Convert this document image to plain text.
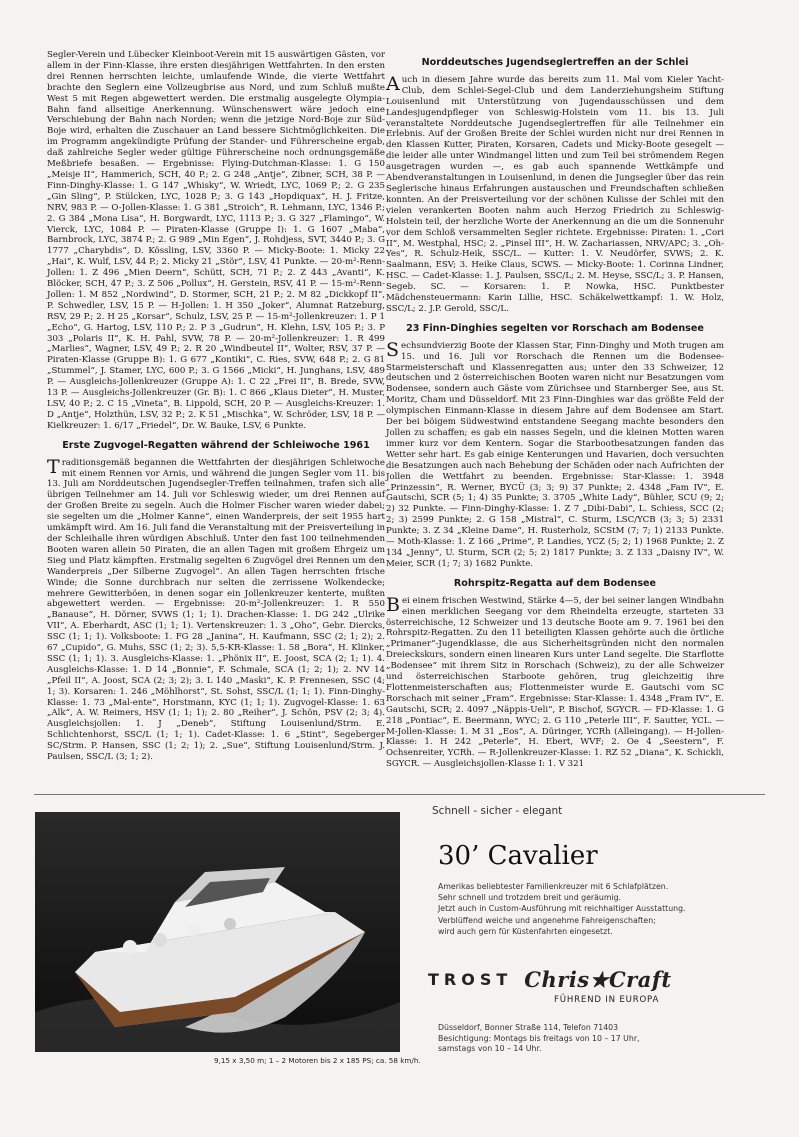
Segler-Verein und Lübecker Kleinboot-Verein mit 15 auswärtigen Gästen, vor allem in der Finn-Klasse, ihre ersten diesjährigen Wettfahrten. In den ersten drei Rennen herrschten leichte, umlaufende Winde, die vierte Wettfahrt brachte den Seglern eine Vollzeugbrise aus Nord, und zum Schluß mußte West 5 mit Regen abgewettert werden. Die erstmalig ausgelegte Olympia-Bahn fand allseitige Anerkennung. Wünschenswert wäre jedoch eine Verschiebung der Bahn nach Norden; wenn die jetzige Nord-Boje zur Süd-Boje wird, erhalten die Zuschauer an Land bessere Sichtmöglichkeiten. Die im Programm angekündigte Prüfung der Stander- und Führerscheine ergab, daß zahlreiche Segler weder gültige Führerscheine noch ordnungsgemäße Meßbriefe besaßen. — Ergebnisse: Flying-Dutchman-Klasse: 1. G 150 „Meisje II“, Hammerich, SCH, 40 P.; 2. G 248 „Antje“, Zibner, SCH, 38 P. — Finn-Dinghy-Klasse: 1. G 147 „Whisky“, W. Wriedt, LYC, 1069 P.; 2. G 235 „Gin Sling“, P. Stülcken, LYC, 1028 P.; 3. G 143 „Hopdiquax“, H. J. Fritze, NRV, 983 P. — O-Jollen-Klasse: 1. G 381 „Stroich“, R. Lehmann, LYC, 1346 P.; 2. G 384 „Mona Lisa“, H. Borgwardt, LYC, 1113 P.; 3. G 327 „Flamingo“, W. Vierck, LYC, 1084 P. — Piraten-Klasse (Gruppe I): 1. G 1607 „Maba“, Barnbrock, LYC, 3874 P.; 2. G 989 „Min Egen“, J. Rohdjess, SVT, 3440 P.; 3. G 1777 „Charybdis“, D. Kössling, LSV, 3360 P. — Micky-Boote: 1. Micky 22 „Hai“, K. Wulf, LSV, 44 P.; 2. Micky 21 „Stör“, LSV, 41 Punkte. — 20-m²-Renn-Jollen: 1. Z 496 „Mien Deern“, Schütt, SCH, 71 P.; 2. Z 443 „Avanti“, K. Blöcker, SCH, 47 P.; 3. Z 506 „Pollux“, H. Gerstein, RSV, 41 P. — 15-m²-Renn-Jollen: 1. M 852 „Nordwind“, D. Stormer, SCH, 21 P.; 2. M 82 „Dickkopf II“, P. Schwedler, LSV, 15 P. — H-Jollen: 1. H 350 „Joker“, Alumnat Ratzeburg, RSV, 29 P.; 2. H 25 „Korsar“, Schulz, LSV, 25 P. — 15-m²-Jollenkreuzer: 1. P 1 „Echo“, G. Hartog, LSV, 110 P.; 2. P 3 „Gudrun“, H. Klehn, LSV, 105 P.; 3. P 303 „Polaris II“, K. H. Pahl, SVW, 78 P. — 20-m²-Jollenkreuzer: 1. R 499 „Marlies“, Wagner, LSV, 49 P.; 2. R 20 „Windbeutel II“, Wolter, RSV, 37 P. — Piraten-Klasse (Gruppe B): 1. G 677 „Kontiki“, C. Ries, SVW, 648 P.; 2. G 81 „Stummel“, J. Stamer, LYC, 600 P.; 3. G 1566 „Micki“, H. Junghans, LSV, 489 P. — Ausgleichs-Jollenkreuzer (Gruppe A): 1. C 22 „Frei II“, B. Brede, SVW, 13 P. — Ausgleichs-Jollenkreuzer (Gr. B): 1. C 866 „Klaus Dieter“, H. Muster, LSV, 40 P.; 2. C 15 „Vineta“, B. Lippold, SCH, 20 P. — Ausgleichs-Kreuzer: 1. D „Antje“, Holzthün, LSV, 32 P.; 2. K 51 „Mischka“, W. Schröder, LSV, 18 P. — Kielkreuzer: 1. 6/17 „Friedel“, Dr. W. Bauke, LSV, 6 Punkte.

Erste Zugvogel-Regatten während der Schleiwoche 1961

Traditionsgemäß begannen die Wettfahrten der diesjährigen Schleiwoche mit einem Rennen vor Arnis, und während die jungen Segler vom 11. bis 13. Juli am Norddeutschen Jugendsegler-Treffen teilnahmen, trafen sich alle übrigen Teilnehmer am 14. Juli vor Schleswig wieder, um drei Rennen auf der Großen Breite zu segeln. Auch die Holmer Fischer waren wieder dabei; sie segelten um die „Holmer Kanne“, einen Wanderpreis, der seit 1955 hart umkämpft wird. Am 16. Juli fand die Veranstaltung mit der Preisverteilung in der Schleihalle ihren würdigen Abschluß. Unter den fast 100 teilnehmenden Booten waren allein 50 Piraten, die an allen Tagen mit großem Ehrgeiz um Sieg und Platz kämpften. Erstmalig segelten 6 Zugvögel drei Rennen um den Wanderpreis „Der Silberne Zugvogel“. An allen Tagen herrschten frische Winde; die Sonne durchbrach nur selten die zerrissene Wolkendecke; mehrere Gewitterböen, in denen sogar ein Jollenkreuzer kenterte, mußten abgewettert werden. — Ergebnisse: 20-m²-Jollenkreuzer: 1. R 550 „Banause“, H. Dörner, SVWS (1; 1; 1). Drachen-Klasse: 1. DG 242 „Ulrike VII“, A. Eberhardt, ASC (1; 1; 1). Vertenskreuzer: 1. 3 „Oho“, Gebr. Diercks, SSC (1; 1; 1). Volksboote: 1. FG 28 „Janina“, H. Kaufmann, SSC (2; 1; 2); 2. 67 „Cupido“, G. Muhs, SSC (1; 2; 3). 5,5-KR-Klasse: 1. 58 „Bora“, H. Klinker, SSC (1; 1; 1). 3. Ausgleichs-Klasse: 1. „Phönix II“, E. Joost, SCA (2; 1; 1). 4. Ausgleichs-Klasse: 1. D 14 „Bonnie“, F. Schmale, SCA (1; 2; 1); 2. NV 14 „Pfeil II“, A. Joost, SCA (2; 3; 2); 3. L 140 „Maski“, K. P. Frennesen, SSC (4; 1; 3). Korsaren: 1. 246 „Möhlhorst“, St. Sohst, SSC/L (1; 1; 1). Finn-Dinghy-Klasse: 1. 73 „Mal-ente“, Horstmann, KYC (1; 1; 1). Zugvogel-Klasse: 1. 63 „Alk“, A. W. Reimers, HSV (1; 1; 1); 2. 80 „Reiher“, J. Schön, PSV (2; 3; 4). Ausgleichsjollen: 1. J „Deneb“, Stiftung Louisenlund/Strm. E. Schlichtenhorst, SSC/L (1; 1; 1). Cadet-Klasse: 1. 6 „Stint“, Segeberger SC/Strm. P. Hansen, SSC (1; 2; 1); 2. „Sue“, Stiftung Louisenlund/Strm. J. Paulsen, SSC/L (3; 1; 2).

Norddeutsches Jugendseglertreffen an der Schlei

Auch in diesem Jahre wurde das bereits zum 11. Mal vom Kieler Yacht-Club, dem Schlei-Segel-Club und dem Landerziehungsheim Stiftung Louisenlund mit Unterstützung von Jugendausschüssen und dem Landesjugendpfleger von Schleswig-Holstein vom 11. bis 13. Juli veranstaltete Norddeutsche Jugendseglertreffen für alle Teilnehmer ein Erlebnis. Auf der Großen Breite der Schlei wurden nicht nur drei Rennen in den Klassen Kutter, Piraten, Korsaren, Cadets und Micky-Boote gesegelt — die leider alle unter Windmangel litten und zum Teil bei strömendem Regen ausgetragen wurden —, es gab auch spannende Wettkämpfe und Abendveranstaltungen in Louisenlund, in denen die Jungsegler über das rein Seglerische hinaus Erfahrungen austauschen und Freundschaften schließen konnten. An der Preisverteilung vor der schönen Kulisse der Schlei mit den vielen verankerten Booten nahm auch Herzog Friedrich zu Schleswig-Holstein teil, der herzliche Worte der Anerkennung an die um die Sonnenuhr vor dem Schloß versammelten Segler richtete. Ergebnisse: Piraten: 1. „Cori II“, M. Westphal, HSC; 2. „Pinsel III“, H. W. Zachariassen, NRV/APC; 3. „Oh-Yes“, R. Schulz-Heik, SSC/L. — Kutter: 1. V. Neudörfer, SVWS; 2. K. Saalmann, ESV; 3. Heike Claus, SCWS. — Micky-Boote: 1. Corinna Lindner, HSC. — Cadet-Klasse: 1. J. Paulsen, SSC/L; 2. M. Heyse, SSC/L; 3. P. Hansen, Segeb. SC. — Korsaren: 1. P. Nowka, HSC. Punktbester Mädchensteuermann: Karin Lillie, HSC. Schäkelwettkampf: 1. W. Holz, SSC/L; 2. J.P. Gerold, SSC/L.

23 Finn-Dinghies segelten vor Rorschach am Bodensee

Sechsundvierzig Boote der Klassen Star, Finn-Dinghy und Moth trugen am 15. und 16. Juli vor Rorschach die Rennen um die Bodensee-Starmeisterschaft und Klassenregatten aus; unter den 33 Schweizer, 12 deutschen und 2 österreichischen Booten waren nicht nur Besatzungen vom Bodensee, sondern auch Gäste vom Zürichsee und Starnberger See, aus St. Moritz, Cham und Düsseldorf. Mit 23 Finn-Dinghies war das größte Feld der olympischen Einmann-Klasse in diesem Jahre auf dem Bodensee am Start. Der bei böigem Südwestwind entstandene Seegang machte besonders den Jollen zu schaffen; es gab ein nasses Segeln, und die kleinen Motten waren immer kurz vor dem Kentern. Sogar die Starbootbesatzungen fanden das Wetter sehr hart. Es gab einige Kenterungen und Havarien, doch versuchten die Besatzungen auch nach Behebung der Schäden oder nach Aufrichten der Jollen die Wettfahrt zu beenden. Ergebnisse: Star-Klasse: 1. 3948 „Prinzessin“, R. Werner, BYCÜ (3; 3; 9) 37 Punkte; 2. 4348 „Fam IV“, E. Gautschi, SCR (5; 1; 4) 35 Punkte; 3. 3705 „White Lady“, Bühler, SCU (9; 2; 2) 32 Punkte. — Finn-Dinghy-Klasse: 1. Z 7 „Dibi-Dabi“, L. Schiess, SCC (2; 2; 3) 2599 Punkte; 2. G 158 „Mistral“, C. Sturm, LSC/YCB (3; 3; 5) 2331 Punkte; 3. Z 34 „Kleine Dame“, H. Rusterholz, SCStM (7; 7; 1) 2133 Punkte. — Moth-Klasse: 1. Z 166 „Prime“, P. Landies, YCZ (5; 2; 1) 1968 Punkte; 2. Z 134 „Jenny“, U. Sturm, SCR (2; 5; 2) 1817 Punkte; 3. Z 133 „Daisny IV“, W. Meier, SCR (1; 7; 3) 1682 Punkte.

Rohrspitz-Regatta auf dem Bodensee

Bei einem frischen Westwind, Stärke 4—5, der bei seiner langen Windbahn einen merklichen Seegang vor dem Rheindelta erzeugte, starteten 33 österreichische, 12 Schweizer und 13 deutsche Boote am 9. 7. 1961 bei den Rohrspitz-Regatten. Zu den 11 beteiligten Klassen gehörte auch die örtliche „Primaner“-Jugendklasse, die aus Sicherheitsgründen nicht den normalen Dreieckskurs, sondern einen linearen Kurs unter Land segelte. Die Starflotte „Bodensee“ mit ihrem Sitz in Rorschach (Schweiz), zu der alle Schweizer und österreichischen Starboote gehören, trug gleichzeitig ihre Flottenmeisterschaften aus; Flottenmeister wurde E. Gautschi vom SC Rorschach mit seiner „Fram“. Ergebnisse: Star-Klasse: 1. 4348 „Fram IV“, E. Gautschi, SCR; 2. 4097 „Näppis-Ueli“, P. Bischof, SGYCR. — FD-Klasse: 1. G 218 „Pontiac“, E. Beermann, WYC; 2. G 110 „Peterle III“, F. Sautter, YCL. — M-Jollen-Klasse: 1. M 31 „Eos“, A. Düringer, YCRh (Alleingang). — H-Jollen-Klasse: 1. H 242 „Peterle“, H. Ebert, WVF; 2. Oe 4 „Seestern“, F. Ochsenreiter, YCRh. — R-Jollenkreuzer-Klasse: 1. RZ 52 „Diana“, K. Schickli, SGYCR. — Ausgleichsjollen-Klasse I: 1. V 321

9,15 x 3,50 m; 1 – 2 Motoren bis 2 x 185 PS; ca. 58 km/h.
Schnell - sicher - elegant
30’ Cavalier
Amerikas beliebtester Familienkreuzer mit 6 Schlafplätzen.
Sehr schnell und trotzdem breit und geräumig.
Jetzt auch in Custom-Ausführung mit reichhaltiger Ausstattung.
Verblüffend weiche und angenehme Fahreigenschaften;
wird auch gern für Küstenfahrten eingesetzt.
TROST Chris★Craft
FÜHREND IN EUROPA
Düsseldorf, Bonner Straße 114, Telefon 71403
Besichtigung: Montags bis freitags von 10 – 17 Uhr,
samstags von 10 – 14 Uhr.
